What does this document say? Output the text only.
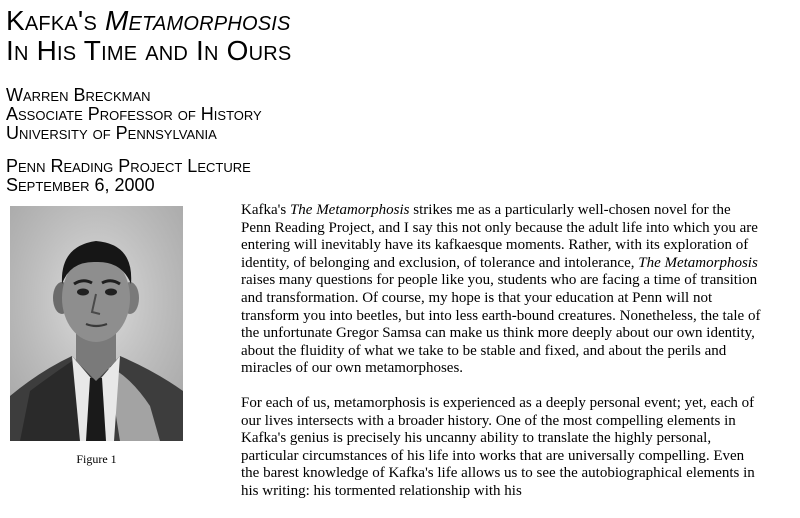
Kafka's Metamorphosis
In His Time and In Ours
Warren Breckman
Associate Professor of History
University of Pennsylvania
Penn Reading Project Lecture
September 6, 2000
Figure 1

Kafka's The Metamorphosis strikes me as a particularly well-chosen novel for the Penn Reading Project, and I say this not only because the adult life into which you are entering will inevitably have its kafkaesque moments. Rather, with its exploration of identity, of belonging and exclusion, of tolerance and intolerance, The Metamorphosis raises many questions for people like you, students who are facing a time of transition and transformation. Of course, my hope is that your education at Penn will not transform you into beetles, but into less earth-bound creatures. Nonetheless, the tale of the unfortunate Gregor Samsa can make us think more deeply about our own identity, about the fluidity of what we take to be stable and fixed, and about the perils and miracles of our own metamorphoses.

For each of us, metamorphosis is experienced as a deeply personal event; yet, each of our lives intersects with a broader history. One of the most compelling elements in Kafka's genius is precisely his uncanny ability to translate the highly personal, particular circumstances of his life into works that are universally compelling. Even the barest knowledge of Kafka's life allows us to see the autobiographical elements in his writing: his tormented relationship with his
